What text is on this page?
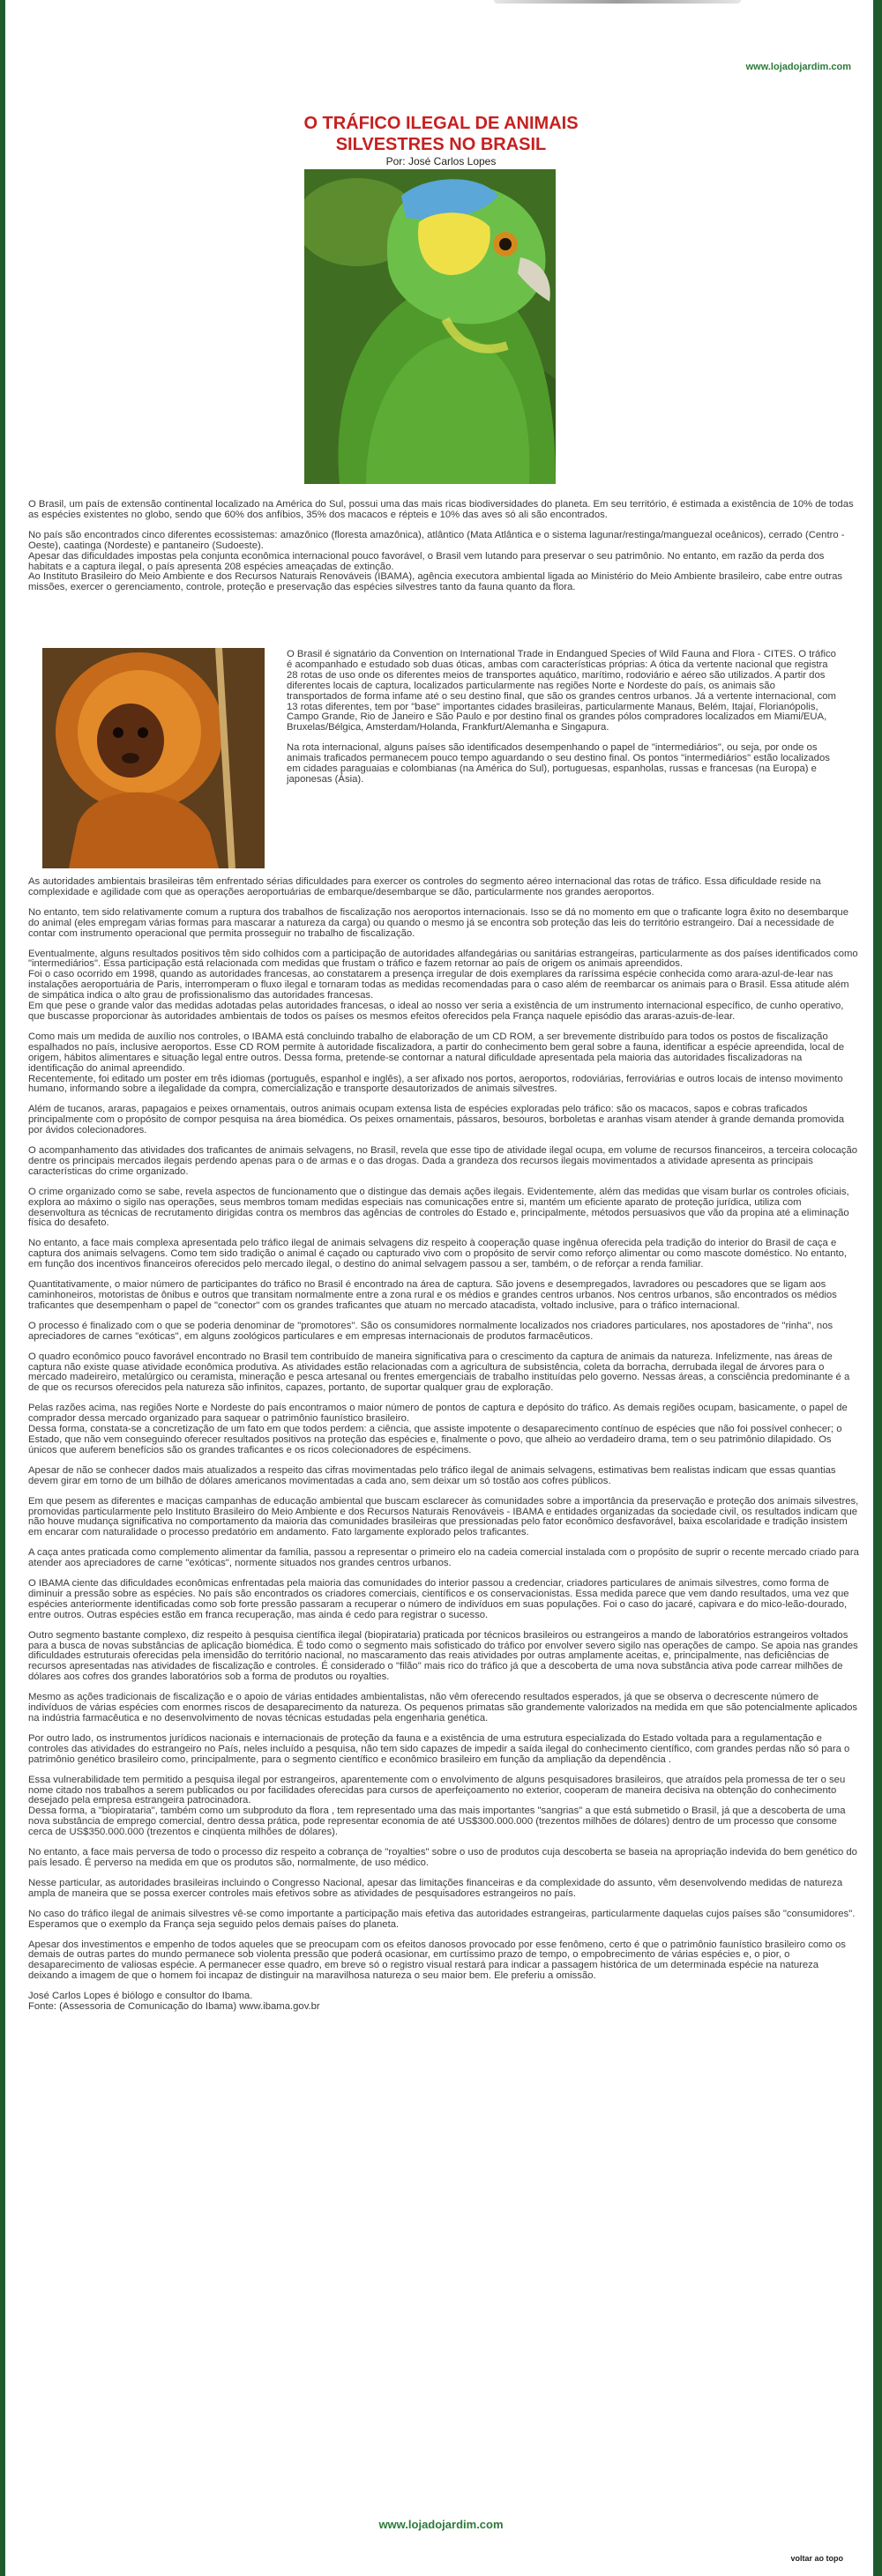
www.lojadojardim.com

O TRÁFICO ILEGAL DE ANIMAIS

SILVESTRES NO BRASIL

Por: José Carlos Lopes

O Brasil, um país de extensão continental localizado na América do Sul, possui uma das mais ricas biodiversidades do planeta. Em seu território, é estimada a existência de 10% de todas as espécies existentes no globo, sendo que 60% dos anfíbios, 35% dos macacos e répteis e 10% das aves só ali são encontrados.

No país são encontrados cinco diferentes ecossistemas: amazônico (floresta amazônica), atlântico (Mata Atlântica e o sistema lagunar/restinga/manguezal oceânicos), cerrado (Centro - Oeste), caatinga (Nordeste) e pantaneiro (Sudoeste).

Apesar das dificuldades impostas pela conjunta econômica internacional pouco favorável, o Brasil vem lutando para preservar o seu patrimônio. No entanto, em razão da perda dos habitats e a captura ilegal, o país apresenta 208 espécies ameaçadas de extinção.

Ao Instituto Brasileiro do Meio Ambiente e dos Recursos Naturais Renováveis (IBAMA), agência executora ambiental ligada ao Ministério do Meio Ambiente brasileiro, cabe entre outras missões, exercer o gerenciamento, controle, proteção e preservação das espécies silvestres tanto da fauna quanto da flora.

O Brasil é signatário da Convention on International Trade in Endangued Species of Wild Fauna and Flora - CITES. O tráfico é acompanhado e estudado sob duas óticas, ambas com características próprias: A ótica da vertente nacional que registra 28 rotas de uso onde os diferentes meios de transportes aquático, marítimo, rodoviário e aéreo são utilizados. A partir dos diferentes locais de captura, localizados particularmente nas regiões Norte e Nordeste do país, os animais são transportados de forma infame até o seu destino final, que são os grandes centros urbanos. Já a vertente internacional, com 13 rotas diferentes, tem por "base" importantes cidades brasileiras, particularmente Manaus, Belém, Itajaí, Florianópolis, Campo Grande, Rio de Janeiro e São Paulo e por destino final os grandes pólos compradores localizados em Miami/EUA, Bruxelas/Bélgica, Amsterdam/Holanda, Frankfurt/Alemanha e Singapura.

Na rota internacional, alguns países são identificados desempenhando o papel de "intermediários", ou seja, por onde os animais traficados permanecem pouco tempo aguardando o seu destino final. Os pontos "intermediários" estão localizados em cidades paraguaias e colombianas (na América do Sul), portuguesas, espanholas, russas e francesas (na Europa) e japonesas (Ásia).

As autoridades ambientais brasileiras têm enfrentado sérias dificuldades para exercer os controles do segmento aéreo internacional das rotas de tráfico. Essa dificuldade reside na complexidade e agilidade com que as operações aeroportuárias de embarque/desembarque se dão, particularmente nos grandes aeroportos.

No entanto, tem sido relativamente comum a ruptura dos trabalhos de fiscalização nos aeroportos internacionais. Isso se dá no momento em que o traficante logra êxito no desembarque do animal (eles empregam várias formas para mascarar a natureza da carga) ou quando o mesmo já se encontra sob proteção das leis do território estrangeiro. Daí a necessidade de contar com instrumento operacional que permita prosseguir no trabalho de fiscalização.

Eventualmente, alguns resultados positivos têm sido colhidos com a participação de autoridades alfandegárias ou sanitárias estrangeiras, particularmente as dos países identificados como "intermediários". Essa participação está relacionada com medidas que frustam o tráfico e fazem retornar ao país de origem os animais apreendidos.

Foi o caso ocorrido em 1998, quando as autoridades francesas, ao constatarem a presença irregular de dois exemplares da raríssima espécie conhecida como arara-azul-de-lear nas instalações aeroportuária de Paris, interromperam o fluxo ilegal e tornaram todas as medidas recomendadas para o caso além de reembarcar os animais para o Brasil. Essa atitude além de simpática indica o alto grau de profissionalismo das autoridades francesas.

Em que pese o grande valor das medidas adotadas pelas autoridades francesas, o ideal ao nosso ver seria a existência de um instrumento internacional específico, de cunho operativo, que buscasse proporcionar às autoridades ambientais de todos os países os mesmos efeitos oferecidos pela França naquele episódio das araras-azuis-de-lear.

Como mais um medida de auxílio nos controles, o IBAMA está concluindo trabalho de elaboração de um CD ROM, a ser brevemente distribuído para todos os postos de fiscalização espalhados no país, inclusive aeroportos. Esse CD ROM permite à autoridade fiscalizadora, a partir do conhecimento bem geral sobre a fauna, identificar a espécie apreendida, local de origem, hábitos alimentares e situação legal entre outros. Dessa forma, pretende-se contornar a natural dificuldade apresentada pela maioria das autoridades fiscalizadoras na identificação do animal apreendido.

Recentemente, foi editado um poster em três idiomas (português, espanhol e inglês), a ser afixado nos portos, aeroportos, rodoviárias, ferroviárias e outros locais de intenso movimento humano, informando sobre a ilegalidade da compra, comercialização e transporte desautorizados de animais silvestres.

Além de tucanos, araras, papagaios e peixes ornamentais, outros animais ocupam extensa lista de espécies exploradas pelo tráfico: são os macacos, sapos e cobras traficados principalmente com o propósito de compor pesquisa na área biomédica. Os peixes ornamentais, pássaros, besouros, borboletas e aranhas visam atender à grande demanda promovida por ávidos colecionadores.

O acompanhamento das atividades dos traficantes de animais selvagens, no Brasil, revela que esse tipo de atividade ilegal ocupa, em volume de recursos financeiros, a terceira colocação dentre os principais mercados ilegais perdendo apenas para o de armas e o das drogas. Dada a grandeza dos recursos ilegais movimentados a atividade apresenta as principais características do crime organizado.

O crime organizado como se sabe, revela aspectos de funcionamento que o distingue das demais ações ilegais. Evidentemente, além das medidas que visam burlar os controles oficiais, explora ao máximo o sigilo nas operações, seus membros tomam medidas especiais nas comunicações entre si, mantém um eficiente aparato de proteção jurídica, utiliza com desenvoltura as técnicas de recrutamento dirigidas contra os membros das agências de controles do Estado e, principalmente, métodos persuasivos que vão da propina até a eliminação física do desafeto.

No entanto, a face mais complexa apresentada pelo tráfico ilegal de animais selvagens diz respeito à cooperação quase ingênua oferecida pela tradição do interior do Brasil de caça e captura dos animais selvagens. Como tem sido tradição o animal é caçado ou capturado vivo com o propósito de servir como reforço alimentar ou como mascote doméstico. No entanto, em função dos incentivos financeiros oferecidos pelo mercado ilegal, o destino do animal selvagem passou a ser, também, o de reforçar a renda familiar.

Quantitativamente, o maior número de participantes do tráfico no Brasil é encontrado na área de captura. São jovens e desempregados, lavradores ou pescadores que se ligam aos caminhoneiros, motoristas de ônibus e outros que transitam normalmente entre a zona rural e os médios e grandes centros urbanos. Nos centros urbanos, são encontrados os médios traficantes que desempenham o papel de "conector" com os grandes traficantes que atuam no mercado atacadista, voltado inclusive, para o tráfico internacional.

O processo é finalizado com o que se poderia denominar de "promotores". São os consumidores normalmente localizados nos criadores particulares, nos apostadores de "rinha", nos apreciadores de carnes "exóticas", em alguns zoológicos particulares e em empresas internacionais de produtos farmacêuticos.

O quadro econômico pouco favorável encontrado no Brasil tem contribuído de maneira significativa para o crescimento da captura de animais da natureza. Infelizmente, nas áreas de captura não existe quase atividade econômica produtiva. As atividades estão relacionadas com a agricultura de subsistência, coleta da borracha, derrubada ilegal de árvores para o mercado madeireiro, metalúrgico ou ceramista, mineração e pesca artesanal ou frentes emergenciais de trabalho instituídas pelo governo. Nessas áreas, a consciência predominante é a de que os recursos oferecidos pela natureza são infinitos, capazes, portanto, de suportar qualquer grau de exploração.

Pelas razões acima, nas regiões Norte e Nordeste do país encontramos o maior número de pontos de captura e depósito do tráfico. As demais regiões ocupam, basicamente, o papel de comprador dessa mercado organizado para saquear o patrimônio faunístico brasileiro.

Dessa forma, constata-se a concretização de um fato em que todos perdem: a ciência, que assiste impotente o desaparecimento contínuo de espécies que não foi possível conhecer; o Estado, que não vem conseguindo oferecer resultados positivos na proteção das espécies e, finalmente o povo, que alheio ao verdadeiro drama, tem o seu patrimônio dilapidado. Os únicos que auferem benefícios são os grandes traficantes e os ricos colecionadores de espécimens.

Apesar de não se conhecer dados mais atualizados a respeito das cifras movimentadas pelo tráfico ilegal de animais selvagens, estimativas bem realistas indicam que essas quantias devem girar em torno de um bilhão de dólares americanos movimentadas a cada ano, sem deixar um só tostão aos cofres públicos.

Em que pesem as diferentes e maciças campanhas de educação ambiental que buscam esclarecer às comunidades sobre a importância da preservação e proteção dos animais silvestres, promovidas particularmente pelo Instituto Brasileiro do Meio Ambiente e dos Recursos Naturais Renováveis - IBAMA e entidades organizadas da sociedade civil, os resultados indicam que não houve mudança significativa no comportamento da maioria das comunidades brasileiras que pressionadas pelo fator econômico desfavorável, baixa escolaridade e tradição insistem em encarar com naturalidade o processo predatório em andamento. Fato largamente explorado pelos traficantes.

A caça antes praticada como complemento alimentar da família, passou a representar o primeiro elo na cadeia comercial instalada com o propósito de suprir o recente mercado criado para atender aos apreciadores de carne "exóticas", normente situados nos grandes centros urbanos.

O IBAMA ciente das dificuldades econômicas enfrentadas pela maioria das comunidades do interior passou a credenciar, criadores particulares de animais silvestres, como forma de diminuir a pressão sobre as espécies. No país são encontrados os criadores comerciais, científicos e os conservacionistas. Essa medida parece que vem dando resultados, uma vez que espécies anteriormente identificadas como sob forte pressão passaram a recuperar o número de indivíduos em suas populações. Foi o caso do jacaré, capivara e do mico-leão-dourado, entre outros. Outras espécies estão em franca recuperação, mas ainda é cedo para registrar o sucesso.

Outro segmento bastante complexo, diz respeito à pesquisa científica ilegal (biopirataria) praticada por técnicos brasileiros ou estrangeiros a mando de laboratórios estrangeiros voltados para a busca de novas substâncias de aplicação biomédica. É todo como o segmento mais sofisticado do tráfico por envolver severo sigilo nas operações de campo. Se apoia nas grandes dificuldades estruturais oferecidas pela imensidão do território nacional, no mascaramento das reais atividades por outras amplamente aceitas, e, principalmente, nas deficiências de recursos apresentadas nas atividades de fiscalização e controles. É considerado o "filão" mais rico do tráfico já que a descoberta de uma nova substância ativa pode carrear milhões de dólares aos cofres dos grandes laboratórios sob a forma de produtos ou royalties.

Mesmo as ações tradicionais de fiscalização e o apoio de várias entidades ambientalistas, não vêm oferecendo resultados esperados, já que se observa o decrescente número de indivíduos de várias espécies com enormes riscos de desaparecimento da natureza. Os pequenos primatas são grandemente valorizados na medida em que são potencialmente aplicados na indústria farmacêutica e no desenvolvimento de novas técnicas estudadas pela engenharia genética.

Por outro lado, os instrumentos jurídicos nacionais e internacionais de proteção da fauna e a existência de uma estrutura especializada do Estado voltada para a regulamentação e controles das atividades do estrangeiro no País, neles incluído a pesquisa, não tem sido capazes de impedir a saída ilegal do conhecimento científico, com grandes perdas não só para o patrimônio genético brasileiro como, principalmente, para o segmento científico e econômico brasileiro em função da ampliação da dependência .

Essa vulnerabilidade tem permitido a pesquisa ilegal por estrangeiros, aparentemente com o envolvimento de alguns pesquisadores brasileiros, que atraídos pela promessa de ter o seu nome citado nos trabalhos a serem publicados ou por facilidades oferecidas para cursos de aperfeiçoamento no exterior, cooperam de maneira decisiva na obtenção do conhecimento desejado pela empresa estrangeira patrocinadora.

Dessa forma, a "biopirataria", também como um subproduto da flora , tem representado uma das mais importantes "sangrias" a que está submetido o Brasil, já que a descoberta de uma nova substância de emprego comercial, dentro dessa prática, pode representar economia de até US$300.000.000 (trezentos milhões de dólares) dentro de um processo que consome cerca de US$350.000.000 (trezentos e cinqüenta milhões de dólares).

No entanto, a face mais perversa de todo o processo diz respeito a cobrança de "royalties" sobre o uso de produtos cuja descoberta se baseia na apropriação indevida do bem genético do país lesado. É perverso na medida em que os produtos são, normalmente, de uso médico.

Nesse particular, as autoridades brasileiras incluindo o Congresso Nacional, apesar das limitações financeiras e da complexidade do assunto, vêm desenvolvendo medidas de natureza ampla de maneira que se possa exercer controles mais efetivos sobre as atividades de pesquisadores estrangeiros no país.

No caso do tráfico ilegal de animais silvestres vê-se como importante a participação mais efetiva das autoridades estrangeiras, particularmente daquelas cujos países são "consumidores". Esperamos que o exemplo da França seja seguido pelos demais países do planeta.

Apesar dos investimentos e empenho de todos aqueles que se preocupam com os efeitos danosos provocado por esse fenômeno, certo é que o patrimônio faunístico brasileiro como os demais de outras partes do mundo permanece sob violenta pressão que poderá ocasionar, em curtíssimo prazo de tempo, o empobrecimento de várias espécies e, o pior, o desaparecimento de valiosas espécie. A permanecer esse quadro, em breve só o registro visual restará para indicar a passagem histórica de um determinada espécie na natureza deixando a imagem de que o homem foi incapaz de distinguir na maravilhosa natureza o seu maior bem. Ele preferiu a omissão.

José Carlos Lopes é biólogo e consultor do Ibama.

Fonte: (Assessoria de Comunicação do Ibama) www.ibama.gov.br

www.lojadojardim.com
voltar ao topo
